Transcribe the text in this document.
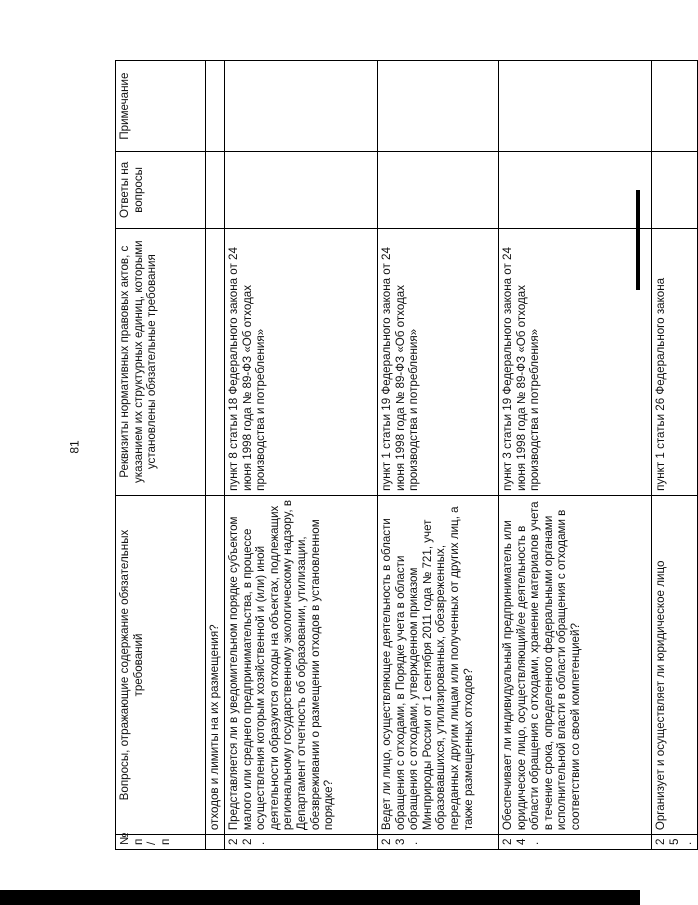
81
№ п/п	Вопросы, отражающие содержание обязательных требований	Реквизиты нормативных правовых актов, с указанием их структурных единиц, которыми установлены обязательные требования	Ответы на вопросы	Примечание
	отходов и лимиты на их размещения?			
22.	Представляется ли в уведомительном порядке субъектом малого или среднего предпринимательства, в процессе осуществления которым хозяйственной и (или) иной деятельности образуются отходы на объектах, подлежащих региональному государственному экологическому надзору, в Департамент отчетность об образовании, утилизации, обезвреживании о размещении отходов в установленном порядке?	пункт 8 статьи 18 Федерального закона от 24 июня 1998 года № 89-ФЗ «Об отходах производства и потребления»		
23.	Ведет ли лицо, осуществляющее деятельность в области обращения с отходами, в Порядке учета в области обращения с отходами, утвержденном приказом Минприроды России от 1 сентября 2011 года № 721, учет образовавшихся, утилизированных, обезвреженных, переданных другим лицам или полученных от других лиц, а также размещенных отходов?	пункт 1 статьи 19 Федерального закона от 24 июня 1998 года № 89-ФЗ «Об отходах производства и потребления»		
24.	Обеспечивает ли индивидуальный предприниматель или юридическое лицо, осуществляющий/ее деятельность в области обращения с отходами, хранение материалов учета в течение срока, определенного федеральными органами исполнительной власти в области обращения с отходами в соответствии со своей компетенцией?	пункт 3 статьи 19 Федерального закона от 24 июня 1998 года № 89-ФЗ «Об отходах производства и потребления»		
25.	Организует и осуществляет ли юридическое лицо	пункт 1 статьи 26 Федерального закона		
